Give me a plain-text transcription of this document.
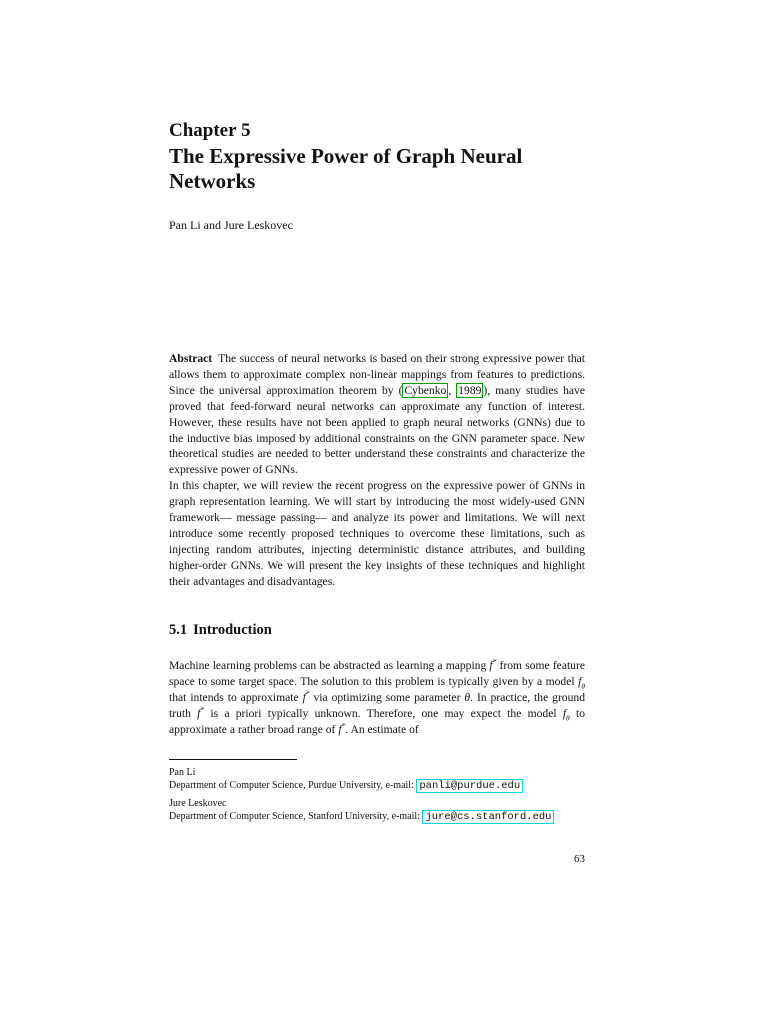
Chapter 5
The Expressive Power of Graph Neural Networks
Pan Li and Jure Leskovec

Abstract The success of neural networks is based on their strong expressive power that allows them to approximate complex non-linear mappings from features to predictions. Since the universal approximation theorem by ( Cybenko , 1989 ), many studies have proved that feed-forward neural networks can approximate any function of interest. However, these results have not been applied to graph neural networks (GNNs) due to the inductive bias imposed by additional constraints on the GNN parameter space. New theoretical studies are needed to better understand these constraints and characterize the expressive power of GNNs.

In this chapter, we will review the recent progress on the expressive power of GNNs in graph representation learning. We will start by introducing the most widely-used GNN framework— message passing— and analyze its power and limitations. We will next introduce some recently proposed techniques to overcome these limitations, such as injecting random attributes, injecting deterministic distance attributes, and building higher-order GNNs. We will present the key insights of these techniques and highlight their advantages and disadvantages.

5.1 Introduction

Machine learning problems can be abstracted as learning a mapping f* from some feature space to some target space. The solution to this problem is typically given by a model $f_\theta$ that intends to approximate f* via optimizing some parameter θ. In practice, the ground truth f* is a priori typically unknown. Therefore, one may expect the model $f_\theta$ to approximate a rather broad range of f*. An estimate of

Pan Li
Department of Computer Science, Purdue University, e-mail: panli@purdue.edu
Jure Leskovec
Department of Computer Science, Stanford University, e-mail: jure@cs.stanford.edu
63
